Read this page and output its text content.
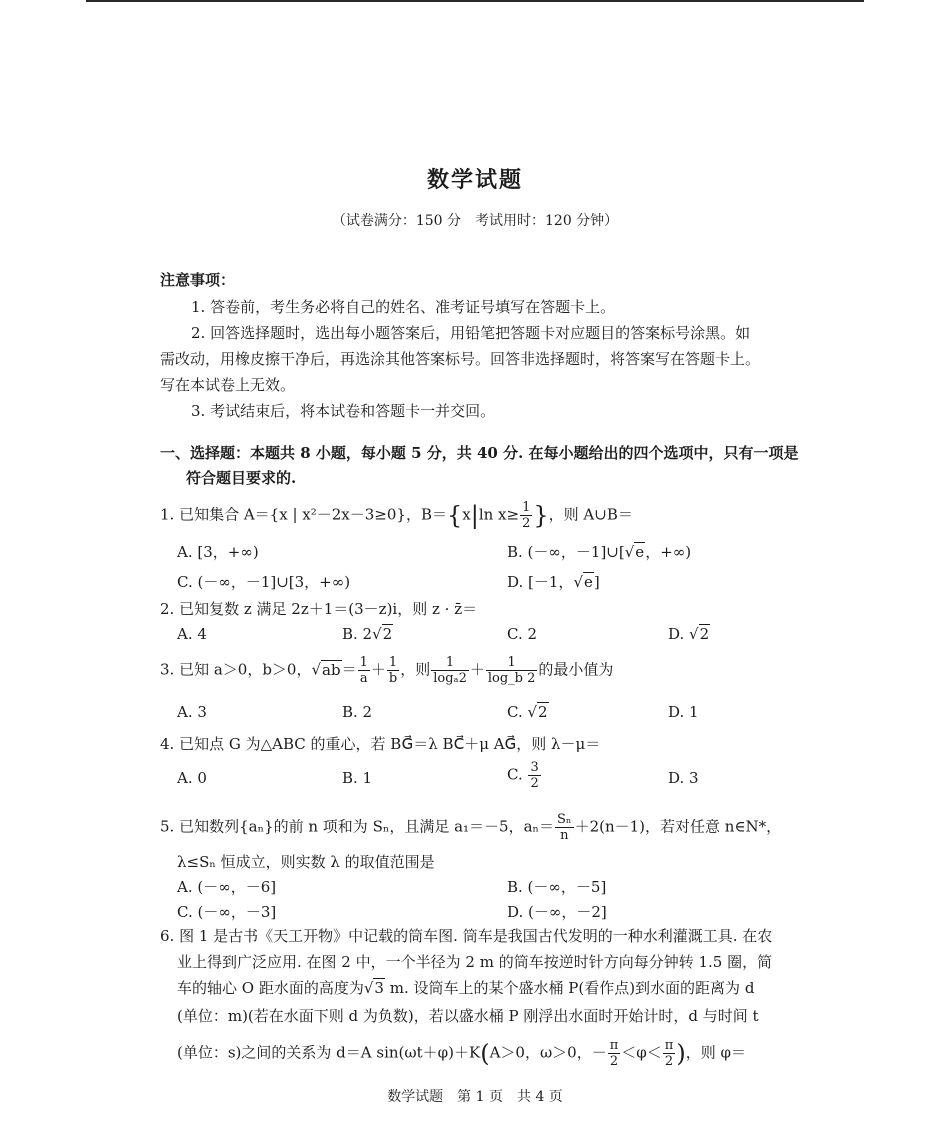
数学试题
（试卷满分：150 分　考试用时：120 分钟）
注意事项：
1. 答卷前，考生务必将自己的姓名、准考证号填写在答题卡上。
2. 回答选择题时，选出每小题答案后，用铅笔把答题卡对应题目的答案标号涂黑。如
需改动，用橡皮擦干净后，再选涂其他答案标号。回答非选择题时，将答案写在答题卡上。
写在本试卷上无效。
3. 考试结束后，将本试卷和答题卡一并交回。
一、选择题：本题共 8 小题，每小题 5 分，共 40 分. 在每小题给出的四个选项中，只有一项是
符合题目要求的.
1. 已知集合 A＝{x | x²－2x－3≥0}，B＝{x|ln $x\ge \frac{1}{2}$ }，则 A∪B＝
A. [3，+∞)	B. (－∞，－1]∪[√e，+∞)
C. (－∞，－1]∪[3，+∞)	D. [－1，√e]
2. 已知复数 z 满足 2z＋1＝(3－z)i，则 z · z̄＝
A. 4	B. 2√2	C. 2	D. √2
3. 已知 a＞0，b＞0，$√ab= \frac{1}{a} + \frac{1}{b}$ ，则 $\frac{1}{\text{logₐ2}} + \frac{1}{\log\_b 2}$ 的最小值为
A. 3	B. 2	C. √2	D. 1
4. 已知点 G 为△ABC 的重心，若 BG⃗＝λ BC⃗＋μ AG⃗，则 λ－μ＝
A. 0	B. 1	C. $\frac{3}{2}$	D. 3
5. 已知数列{aₙ}的前 n 项和为 Sₙ，且满足 a₁＝－5，$a_n= \frac{\text{Sₙ}}{n} +2(n-1)$，若对任意 n∈N*，
λ≤Sₙ 恒成立，则实数 λ 的取值范围是
A. (－∞，－6]	B. (－∞，－5]
C. (－∞，－3]	D. (－∞，－2]
6. 图 1 是古书《天工开物》中记载的筒车图. 筒车是我国古代发明的一种水利灌溉工具. 在农
业上得到广泛应用. 在图 2 中，一个半径为 2 m 的筒车按逆时针方向每分钟转 1.5 圈，简
车的轴心 O 距水面的高度为√3 m. 设筒车上的某个盛水桶 P(看作点)到水面的距离为 d
(单位：m)(若在水面下则 d 为负数)，若以盛水桶 P 刚浮出水面时开始计时，d 与时间 t
(单位：s)之间的关系为 d＝A sin(ωt＋φ)＋K(A＞0，ω＞0，－ $\frac{\pi}{2} <\varphi< \frac{\pi}{2}$ )，则 φ＝
数学试题　第 1 页　共 4 页
